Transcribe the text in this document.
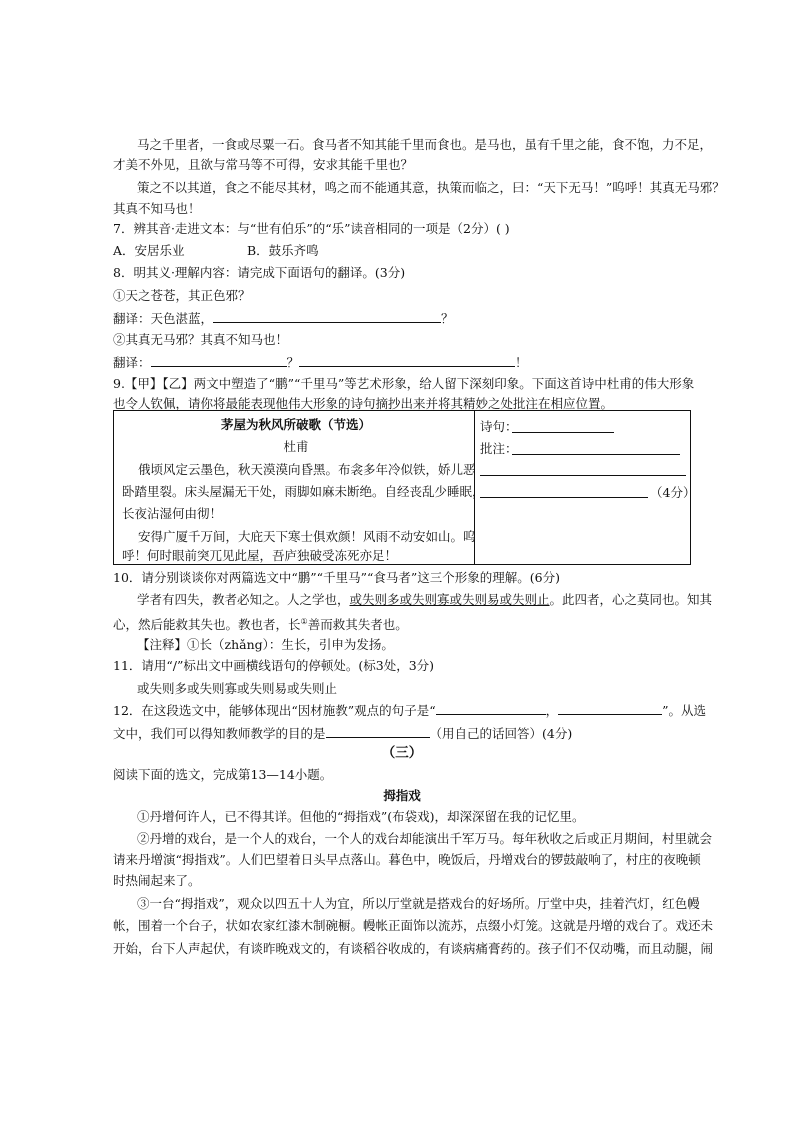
马之千里者，一食或尽粟一石。食马者不知其能千里而食也。是马也，虽有千里之能，食不饱，力不足，
才美不外见，且欲与常马等不可得，安求其能千里也？
策之不以其道，食之不能尽其材，鸣之而不能通其意，执策而临之，曰：“天下无马！”呜呼！其真无马邪？
其真不知马也！
7．辨其音·走进文本：与“世有伯乐”的“乐”读音相同的一项是（2分）( )
A．安居乐业	B．鼓乐齐鸣
8．明其义·理解内容：请完成下面语句的翻译。(3分)
①天之苍苍，其正色邪？
翻译：天色湛蓝，	？
②其真无马邪？其真不知马也！
翻译：	？	！
9.【甲】【乙】两文中塑造了“鹏”“千里马”等艺术形象，给人留下深刻印象。下面这首诗中杜甫的伟大形象
也令人钦佩，请你将最能表现他伟大形象的诗句摘抄出来并将其精妙之处批注在相应位置。
茅屋为秋风所破歌（节选）
杜甫
俄顷风定云墨色，秋天漠漠向昏黑。布衾多年冷似铁，娇儿恶
卧踏里裂。床头屋漏无干处，雨脚如麻未断绝。自经丧乱少睡眠，
长夜沾湿何由彻！
安得广厦千万间，大庇天下寒士俱欢颜！风雨不动安如山。呜
呼！何时眼前突兀见此屋，吾庐独破受冻死亦足！
诗句：
批注：
（4分）
10．请分别谈谈你对两篇选文中“鹏”“千里马”“食马者”这三个形象的理解。(6分)
学者有四失，教者必知之。人之学也，或失则多或失则寡或失则易或失则止。此四者，心之莫同也。知其
心，然后能救其失也。教也者，长①善而救其失者也。
【注释】①长（zhǎng）：生长，引申为发扬。
11．请用“/”标出文中画横线语句的停顿处。(标3处，3分)
或失则多或失则寡或失则易或失则止
12．在这段选文中，能够体现出“因材施教”观点的句子是“	，	”。从选
文中，我们可以得知教师教学的目的是	（用自己的话回答）(4分)
（三）
阅读下面的选文，完成第13—14小题。
拇指戏
①丹增何许人，已不得其详。但他的“拇指戏”(布袋戏)，却深深留在我的记忆里。
②丹增的戏台，是一个人的戏台，一个人的戏台却能演出千军万马。每年秋收之后或正月期间，村里就会
请来丹增演“拇指戏”。人们巴望着日头早点落山。暮色中，晚饭后，丹增戏台的锣鼓敲响了，村庄的夜晚顿
时热闹起来了。
③一台“拇指戏”，观众以四五十人为宜，所以厅堂就是搭戏台的好场所。厅堂中央，挂着汽灯，红色幔
帐，围着一个台子，状如农家红漆木制碗橱。幔帐正面饰以流苏，点缀小灯笼。这就是丹增的戏台了。戏还未
开始，台下人声起伏，有谈昨晚戏文的，有谈稻谷收成的，有谈病痛膏药的。孩子们不仅动嘴，而且动腿，闹
